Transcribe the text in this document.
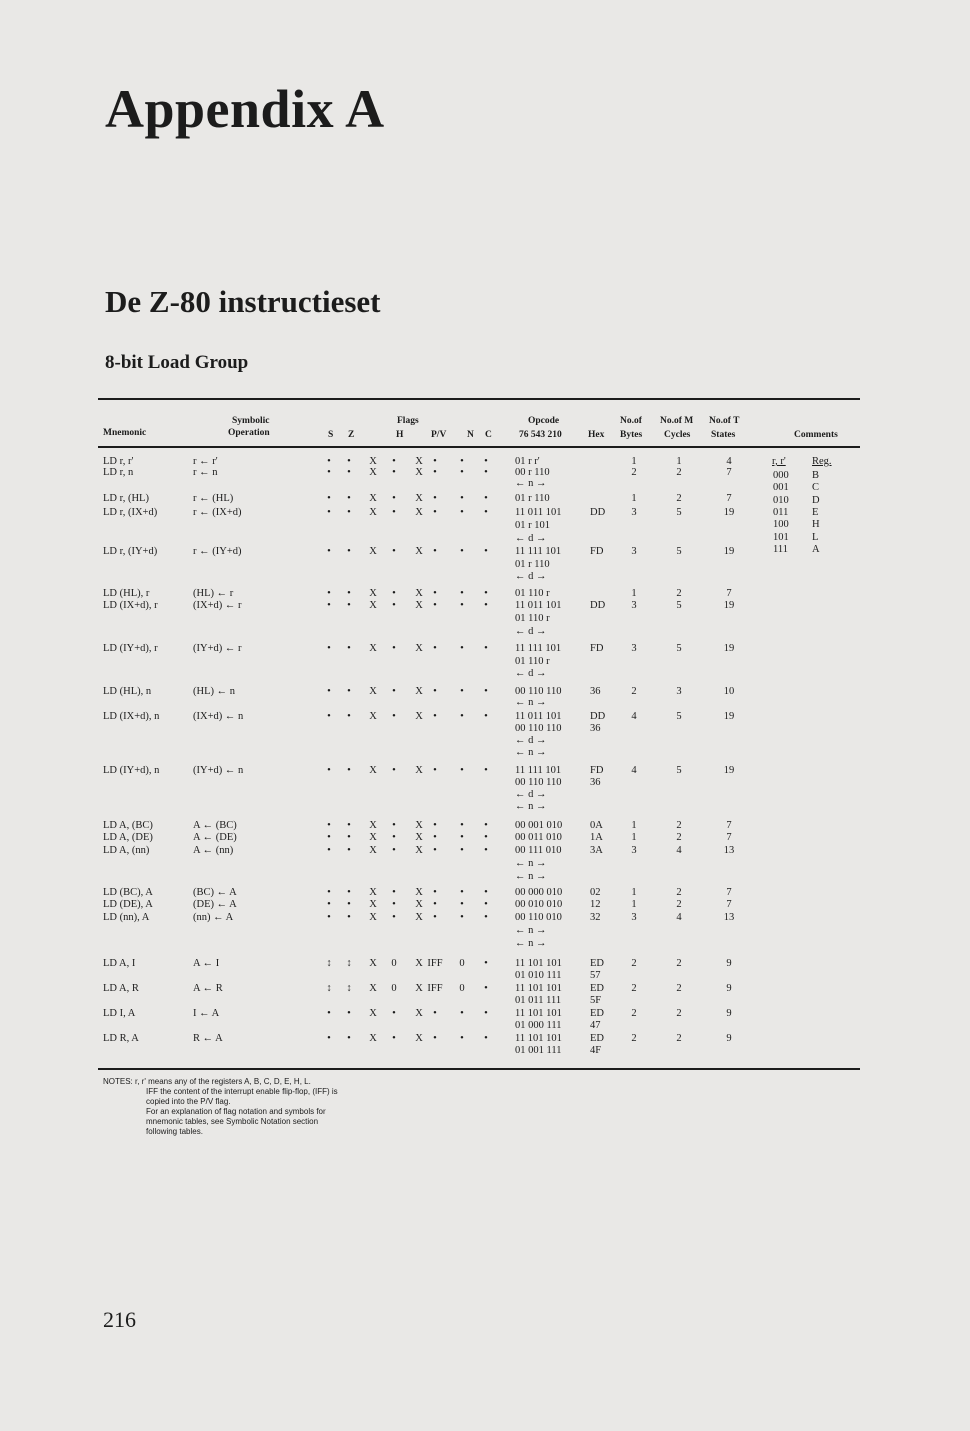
Appendix A
De Z-80 instructieset
8-bit Load Group
Mnemonic
Symbolic
Operation
Flags
S Z	H	P/V N C
Opcode
76 543 210	Hex
No.of
Bytes
No.of M
Cycles
No.of T
States	Comments
LD r, r'	r ← r'	•	•	X	•	X •	•	•	01 r r'	1	1	4
LD r, n	r ← n	•	•	X	•	X •	•	•	00 r 110	2	2	7
← n →
LD r, (HL)	r ← (HL)	•	•	X	•	X •	•	•	01 r 110	1	2	7
LD r, (IX+d)	r ← (IX+d)	•	•	X	•	X •	•	•	11 011 101	DD	3	5	19
01 r 101
← d →
LD r, (IY+d)	r ← (IY+d)	•	•	X	•	X •	•	•	11 111 101	FD	3	5	19
01 r 110
← d →
LD (HL), r	(HL) ← r	•	•	X	•	X •	•	•	01 110 r	1	2	7
LD (IX+d), r	(IX+d) ← r	•	•	X	•	X •	•	•	11 011 101	DD	3	5	19
01 110 r
← d →
LD (IY+d), r	(IY+d) ← r	•	•	X	•	X •	•	•	11 111 101	FD	3	5	19
01 110 r
← d →
LD (HL), n	(HL) ← n	•	•	X	•	X •	•	•	00 110 110	36	2	3	10
← n →
LD (IX+d), n	(IX+d) ← n	•	•	X	•	X •	•	•	11 011 101	DD	4	5	19
00 110 110	36
← d →
← n →
LD (IY+d), n	(IY+d) ← n	•	•	X	•	X •	•	•	11 111 101	FD	4	5	19
00 110 110	36
← d →
← n →
LD A, (BC)	A ← (BC)	•	•	X	•	X •	•	•	00 001 010	0A	1	2	7
LD A, (DE)	A ← (DE)	•	•	X	•	X •	•	•	00 011 010	1A	1	2	7
LD A, (nn)	A ← (nn)	•	•	X	•	X •	•	•	00 111 010	3A	3	4	13
← n →
← n →
LD (BC), A	(BC) ← A	•	•	X	•	X •	•	•	00 000 010	02	1	2	7
LD (DE), A	(DE) ← A	•	•	X	•	X •	•	•	00 010 010	12	1	2	7
LD (nn), A	(nn) ← A	•	•	X	•	X •	•	•	00 110 010	32	3	4	13
← n →
← n →
LD A, I	A ← I	↕	↕	X	0	X IFF	0	•	11 101 101	ED	2	2	9
01 010 111	57
LD A, R	A ← R	↕	↕	X	0	X IFF	0	•	11 101 101	ED	2	2	9
01 011 111	5F
LD I, A	I ← A	•	•	X	•	X •	•	•	11 101 101	ED	2	2	9
01 000 111	47
LD R, A	R ← A	•	•	X	•	X •	•	•	11 101 101	ED	2	2	9
01 001 111	4F
r, r'	Reg.
000 B
001 C
010 D
011 E
100 H
101 L
111 A
NOTES: r, r' means any of the registers A, B, C, D, E, H, L.
IFF the content of the interrupt enable flip-flop, (IFF) is
copied into the P/V flag.
For an explanation of flag notation and symbols for
mnemonic tables, see Symbolic Notation section
following tables.
216
